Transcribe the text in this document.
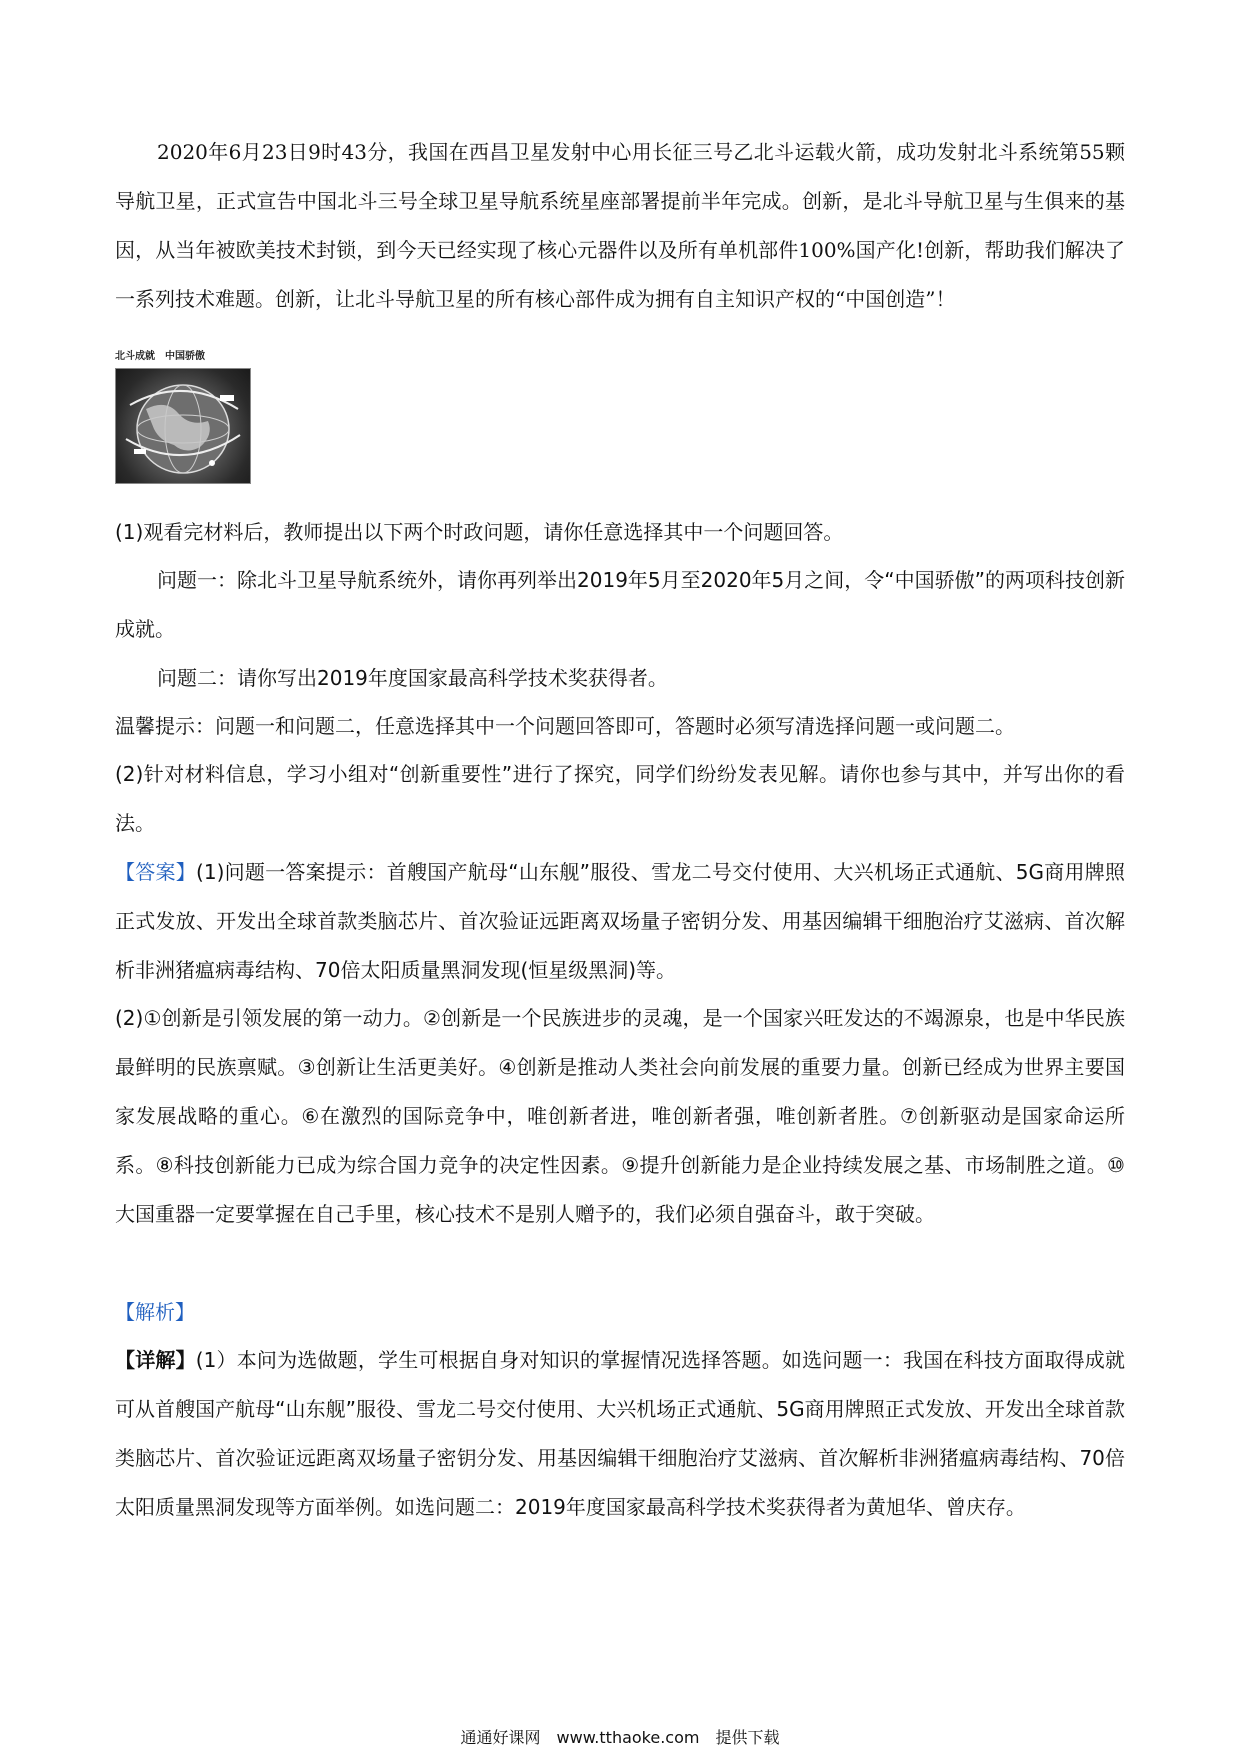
2020年6月23日9时43分，我国在西昌卫星发射中心用长征三号乙北斗运载火箭，成功发射北斗系统第55颗导航卫星，正式宣告中国北斗三号全球卫星导航系统星座部署提前半年完成。创新，是北斗导航卫星与生俱来的基因，从当年被欧美技术封锁，到今天已经实现了核心元器件以及所有单机部件100%国产化!创新，帮助我们解决了一系列技术难题。创新，让北斗导航卫星的所有核心部件成为拥有自主知识产权的“中国创造”！

北斗成就　中国骄傲

(1)观看完材料后，教师提出以下两个时政问题，请你任意选择其中一个问题回答。

问题一：除北斗卫星导航系统外，请你再列举出2019年5月至2020年5月之间，令“中国骄傲”的两项科技创新成就。

问题二：请你写出2019年度国家最高科学技术奖获得者。

温馨提示：问题一和问题二，任意选择其中一个问题回答即可，答题时必须写清选择问题一或问题二。

(2)针对材料信息，学习小组对“创新重要性”进行了探究，同学们纷纷发表见解。请你也参与其中，并写出你的看法。

【答案】(1)问题一答案提示：首艘国产航母“山东舰”服役、雪龙二号交付使用、大兴机场正式通航、5G商用牌照正式发放、开发出全球首款类脑芯片、首次验证远距离双场量子密钥分发、用基因编辑干细胞治疗艾滋病、首次解析非洲猪瘟病毒结构、70倍太阳质量黑洞发现(恒星级黑洞)等。

(2)①创新是引领发展的第一动力。②创新是一个民族进步的灵魂，是一个国家兴旺发达的不竭源泉，也是中华民族最鲜明的民族禀赋。③创新让生活更美好。④创新是推动人类社会向前发展的重要力量。创新已经成为世界主要国家发展战略的重心。⑥在激烈的国际竞争中，唯创新者进，唯创新者强，唯创新者胜。⑦创新驱动是国家命运所系。⑧科技创新能力已成为综合国力竞争的决定性因素。⑨提升创新能力是企业持续发展之基、市场制胜之道。⑩大国重器一定要掌握在自己手里，核心技术不是别人赠予的，我们必须自强奋斗，敢于突破。

【解析】

【详解】(1）本问为选做题，学生可根据自身对知识的掌握情况选择答题。如选问题一：我国在科技方面取得成就可从首艘国产航母“山东舰”服役、雪龙二号交付使用、大兴机场正式通航、5G商用牌照正式发放、开发出全球首款类脑芯片、首次验证远距离双场量子密钥分发、用基因编辑干细胞治疗艾滋病、首次解析非洲猪瘟病毒结构、70倍太阳质量黑洞发现等方面举例。如选问题二：2019年度国家最高科学技术奖获得者为黄旭华、曾庆存。

通通好课网　www.tthaoke.com　提供下载
